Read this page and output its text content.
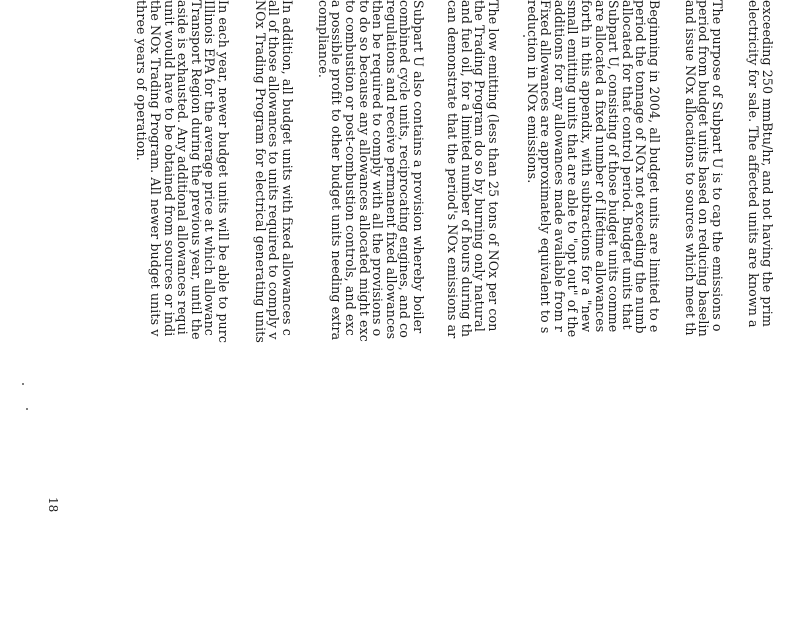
exceeding 250 mmBtu/hr, and not having the prim
electricity for sale. The affected units are known a
The purpose of Subpart U is to cap the emissions o
period from budget units based on reducing baselin
and issue NOx allocations to sources which meet th
Beginning in 2004, all budget units are limited to e
period the tonnage of NOx not exceeding the numb
allocated for that control period. Budget units that
Subpart U, consisting of those budget units comme
are allocated a fixed number of lifetime allowances
forth in this appendix, with subtractions for a "new
small emitting units that are able to "opt out" of the
additions for any allowances made available from r
Fixed allowances are approximately equivalent to s
reduction in NOx emissions.
The low emitting (less than 25 tons of NOx per con
the Trading Program do so by burning only natural
and fuel oil, for a limited number of hours during th
can demonstrate that the period's NOx emissions ar
Subpart U also contains a provision whereby boiler
combined cycle units, reciprocating engines, and co
regulations and receive permanent fixed allowances
then be required to comply with all the provisions o
to do so because any allowances allocated might exc
to combustion or post-combustion controls, and exc
a possible profit to other budget units needing extra
compliance.
In addition, all budget units with fixed allowances c
all of those allowances to units required to comply v
NOx Trading Program for electrical generating units
In each year, newer budget units will be able to purc
Illinois EPA for the average price at which allowanc
Transport Region during the previous year, until the
aside is exhausted. Any additional allowances requi
unit would have to be obtained from sources or indi
the NOx Trading Program. All newer budget units v
three years of operation.
18
